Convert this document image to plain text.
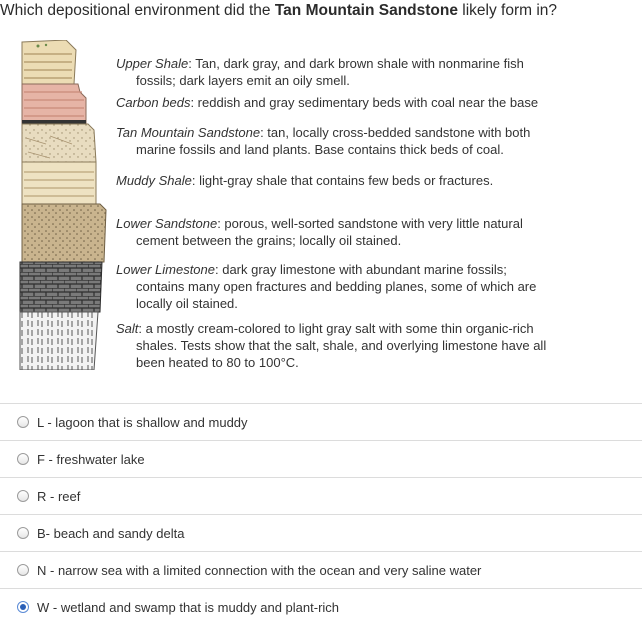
Which depositional environment did the Tan Mountain Sandstone likely form in?
Upper Shale: Tan, dark gray, and dark brown shale with nonmarine fish
fossils; dark layers emit an oily smell.
Carbon beds: reddish and gray sedimentary beds with coal near the base
Tan Mountain Sandstone: tan, locally cross-bedded sandstone with both
marine fossils and land plants. Base contains thick beds of coal.
Muddy Shale: light-gray shale that contains few beds or fractures.
Lower Sandstone: porous, well-sorted sandstone with very little natural
cement between the grains; locally oil stained.
Lower Limestone: dark gray limestone with abundant marine fossils;
contains many open fractures and bedding planes, some of which are
locally oil stained.
Salt: a mostly cream-colored to light gray salt with some thin organic-rich
shales. Tests show that the salt, shale, and overlying limestone have all
been heated to 80 to 100°C.
L - lagoon that is shallow and muddy
F - freshwater lake
R - reef
B- beach and sandy delta
N - narrow sea with a limited connection with the ocean and very saline water
W - wetland and swamp that is muddy and plant-rich
